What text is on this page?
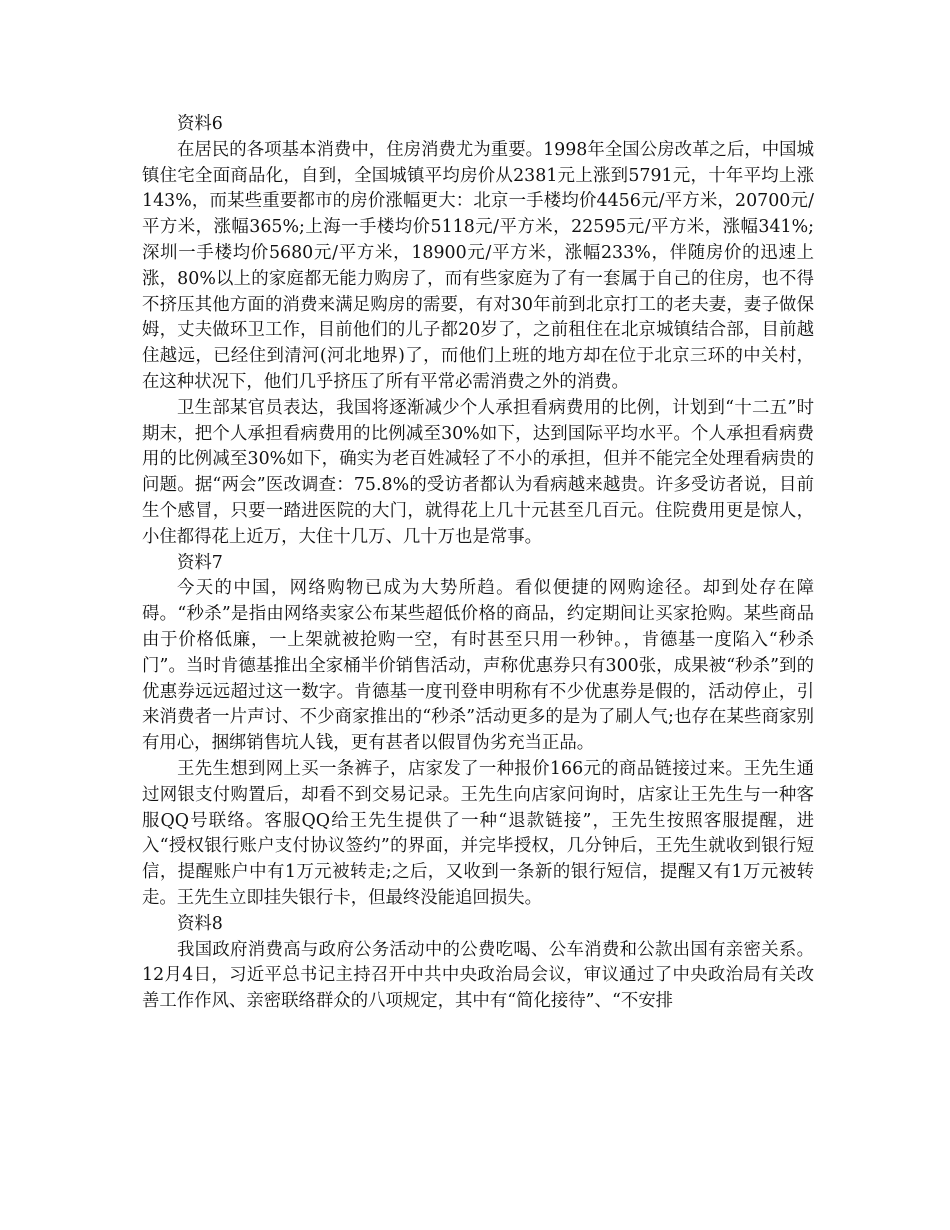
资料6

在居民的各项基本消费中，住房消费尤为重要。1998年全国公房改革之后，中国城镇住宅全面商品化，自到，全国城镇平均房价从2381元上涨到5791元，十年平均上涨143%，而某些重要都市的房价涨幅更大：北京一手楼均价4456元/平方米，20700元/平方米，涨幅365%;上海一手楼均价5118元/平方米，22595元/平方米，涨幅341%;深圳一手楼均价5680元/平方米，18900元/平方米，涨幅233%，伴随房价的迅速上涨，80%以上的家庭都无能力购房了，而有些家庭为了有一套属于自己的住房，也不得不挤压其他方面的消费来满足购房的需要，有对30年前到北京打工的老夫妻，妻子做保姆，丈夫做环卫工作，目前他们的儿子都20岁了，之前租住在北京城镇结合部，目前越住越远，已经住到清河(河北地界)了，而他们上班的地方却在位于北京三环的中关村，在这种状况下，他们几乎挤压了所有平常必需消费之外的消费。

卫生部某官员表达，我国将逐渐减少个人承担看病费用的比例，计划到“十二五”时期末，把个人承担看病费用的比例减至30%如下，达到国际平均水平。个人承担看病费用的比例减至30%如下，确实为老百姓减轻了不小的承担，但并不能完全处理看病贵的问题。据“两会”医改调查：75.8%的受访者都认为看病越来越贵。许多受访者说，目前生个感冒，只要一踏进医院的大门，就得花上几十元甚至几百元。住院费用更是惊人，小住都得花上近万，大住十几万、几十万也是常事。

资料7

今天的中国，网络购物已成为大势所趋。看似便捷的网购途径。却到处存在障碍。“秒杀”是指由网络卖家公布某些超低价格的商品，约定期间让买家抢购。某些商品由于价格低廉，一上架就被抢购一空，有时甚至只用一秒钟。，肯德基一度陷入“秒杀门”。当时肯德基推出全家桶半价销售活动，声称优惠券只有300张，成果被“秒杀”到的优惠券远远超过这一数字。肯德基一度刊登申明称有不少优惠券是假的，活动停止，引来消费者一片声讨、不少商家推出的“秒杀”活动更多的是为了刷人气;也存在某些商家别有用心，捆绑销售坑人钱，更有甚者以假冒伪劣充当正品。

王先生想到网上买一条裤子，店家发了一种报价166元的商品链接过来。王先生通过网银支付购置后，却看不到交易记录。王先生向店家问询时，店家让王先生与一种客服QQ号联络。客服QQ给王先生提供了一种“退款链接”，王先生按照客服提醒，进入“授权银行账户支付协议签约”的界面，并完毕授权，几分钟后，王先生就收到银行短信，提醒账户中有1万元被转走;之后，又收到一条新的银行短信，提醒又有1万元被转走。王先生立即挂失银行卡，但最终没能追回损失。

资料8

我国政府消费高与政府公务活动中的公费吃喝、公车消费和公款出国有亲密关系。12月4日，习近平总书记主持召开中共中央政治局会议，审议通过了中央政治局有关改善工作作风、亲密联络群众的八项规定，其中有“简化接待”、“不安排
